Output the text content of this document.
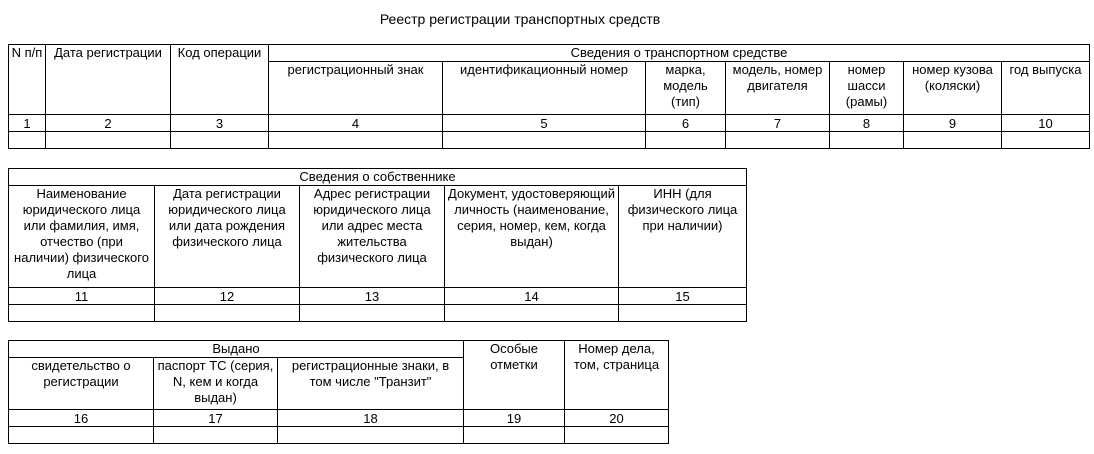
Реестр регистрации транспортных средств
N п/п	Дата регистрации	Код операции	Сведения о транспортном средстве						
			регистрационный знак	идентификационный номер	марка, модель (тип)	модель, номер двигателя	номер шасси (рамы)	номер кузова (коляски)	год выпуска
1	2	3	4	5	6	7	8	9	10

Сведения о собственнике				
Наименование юридического лица или фамилия, имя, отчество (при наличии) физического лица	Дата регистрации юридического лица или дата рождения физического лица	Адрес регистрации юридического лица или адрес места жительства физического лица	Документ, удостоверяющий личность (наименование, серия, номер, кем, когда выдан)	ИНН (для физического лица при наличии)
11	12	13	14	15

Выдано			Особые отметки	Номер дела, том, страница
свидетельство о регистрации	паспорт ТС (серия, N, кем и когда выдан)	регистрационные знаки, в том числе "Транзит"		
16	17	18	19	20
